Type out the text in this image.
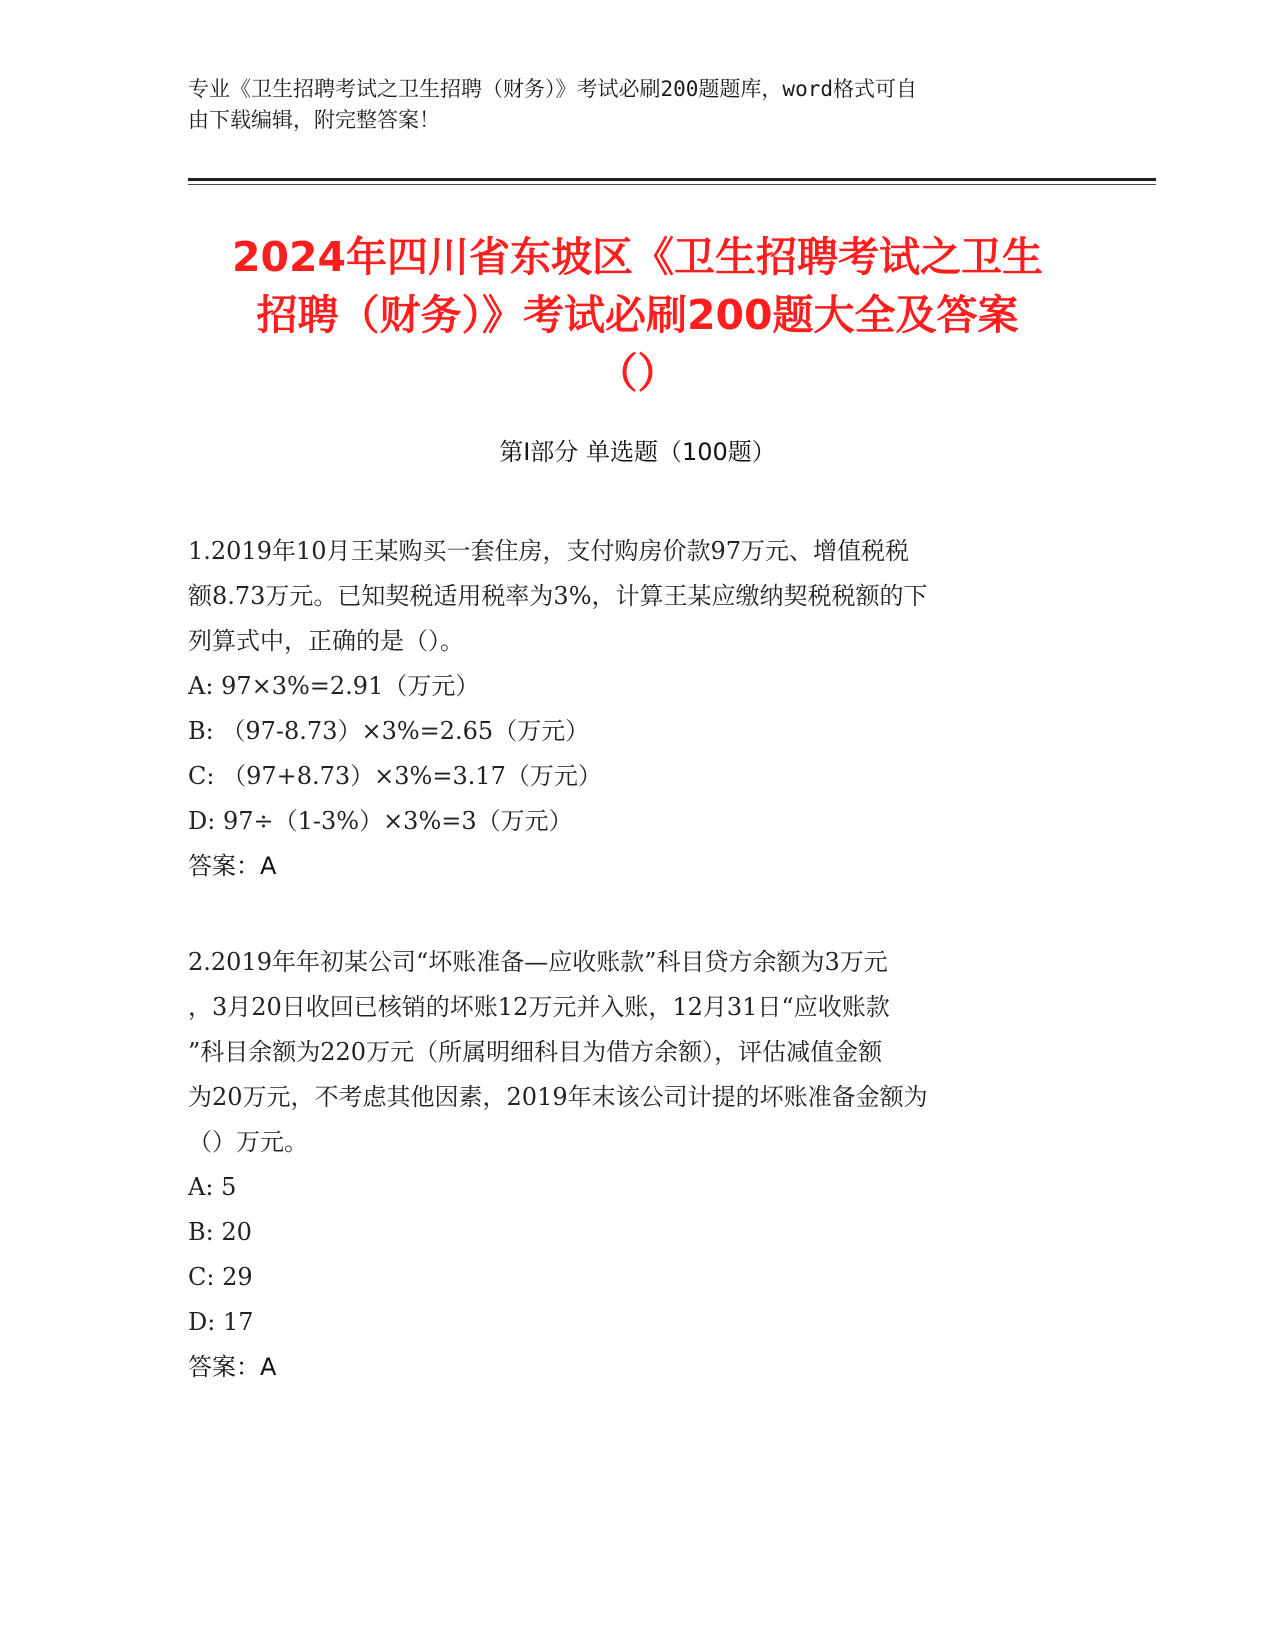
专业《卫生招聘考试之卫生招聘（财务）》考试必刷200题题库，word格式可自
由下载编辑，附完整答案！
2024年四川省东坡区《卫生招聘考试之卫生
招聘（财务）》考试必刷200题大全及答案
（）
第Ⅰ部分 单选题（100题）
1.2019年10月王某购买一套住房，支付购房价款97万元、增值税税
额8.73万元。已知契税适用税率为3%，计算王某应缴纳契税税额的下
列算式中，正确的是（）。
A: 97×3%=2.91（万元）
B: （97-8.73）×3%=2.65（万元）
C: （97+8.73）×3%=3.17（万元）
D: 97÷（1-3%）×3%=3（万元）
答案：A
2.2019年年初某公司“坏账准备—应收账款”科目贷方余额为3万元
，3月20日收回已核销的坏账12万元并入账，12月31日“应收账款
”科目余额为220万元（所属明细科目为借方余额），评估减值金额
为20万元，不考虑其他因素，2019年末该公司计提的坏账准备金额为
（）万元。
A: 5
B: 20
C: 29
D: 17
答案：A
